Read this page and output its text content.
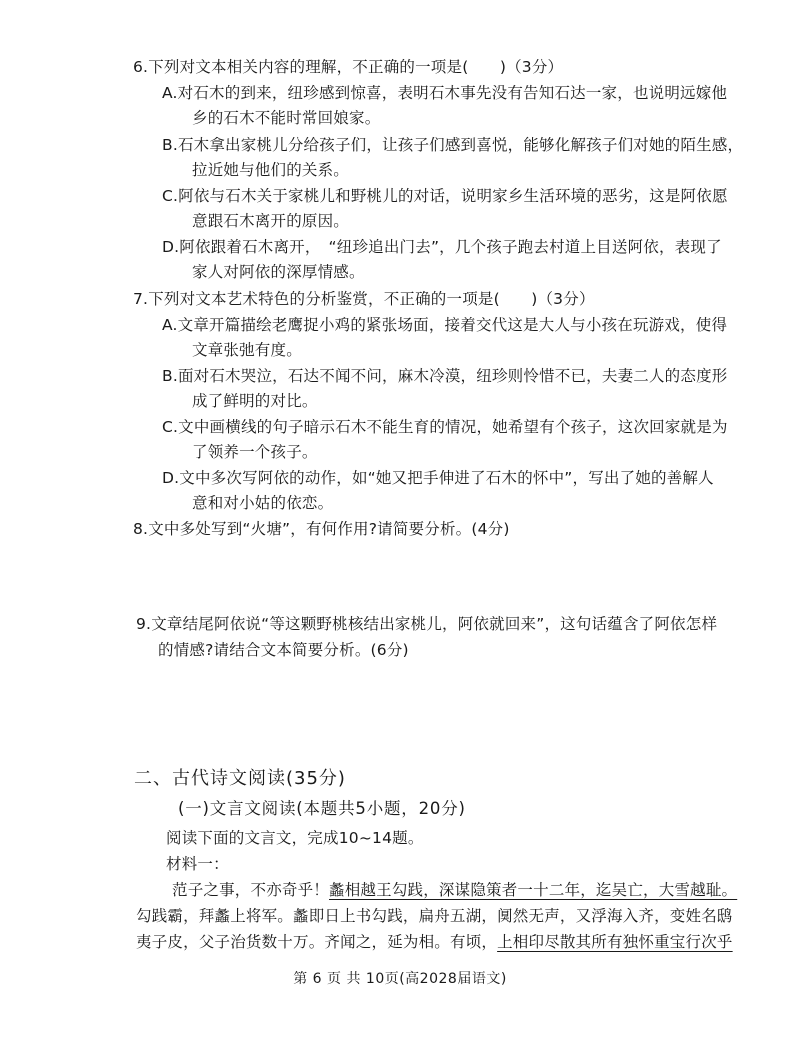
6.下列对文本相关内容的理解，不正确的一项是(　　)（3分）
A.对石木的到来，纽珍感到惊喜，表明石木事先没有告知石达一家，也说明远嫁他
乡的石木不能时常回娘家。
B.石木拿出家桃儿分给孩子们，让孩子们感到喜悦，能够化解孩子们对她的陌生感，
拉近她与他们的关系。
C.阿依与石木关于家桃儿和野桃儿的对话，说明家乡生活环境的恶劣，这是阿依愿
意跟石木离开的原因。
D.阿依跟着石木离开，　“纽珍追出门去”，几个孩子跑去村道上目送阿依，表现了
家人对阿依的深厚情感。
7.下列对文本艺术特色的分析鉴赏，不正确的一项是(　　)（3分）
A.文章开篇描绘老鹰捉小鸡的紧张场面，接着交代这是大人与小孩在玩游戏，使得
文章张弛有度。
B.面对石木哭泣，石达不闻不问，麻木冷漠，纽珍则怜惜不已，夫妻二人的态度形
成了鲜明的对比。
C.文中画横线的句子暗示石木不能生育的情况，她希望有个孩子，这次回家就是为
了领养一个孩子。
D.文中多次写阿依的动作，如“她又把手伸进了石木的怀中”，写出了她的善解人
意和对小姑的依恋。
8.文中多处写到“火塘”，有何作用?请简要分析。(4分)
9.文章结尾阿依说“等这颗野桃核结出家桃儿，阿依就回来”，这句话蕴含了阿依怎样
的情感?请结合文本简要分析。(6分)
二、古代诗文阅读(35分)
(一)文言文阅读(本题共5小题，20分)
阅读下面的文言文，完成10~14题。
材料一：
范子之事，不亦奇乎！蠡相越王勾践，深谋隐策者一十二年，迄吴亡，大雪越耻。
勾践霸，拜蠡上将军。蠡即日上书勾践，扁舟五湖，阒然无声，又浮海入齐，变姓名鸱
夷子皮，父子治货数十万。齐闻之，延为相。有顷，上相印尽散其所有独怀重宝行次乎
第 6 页 共 10页(高2028届语文)
